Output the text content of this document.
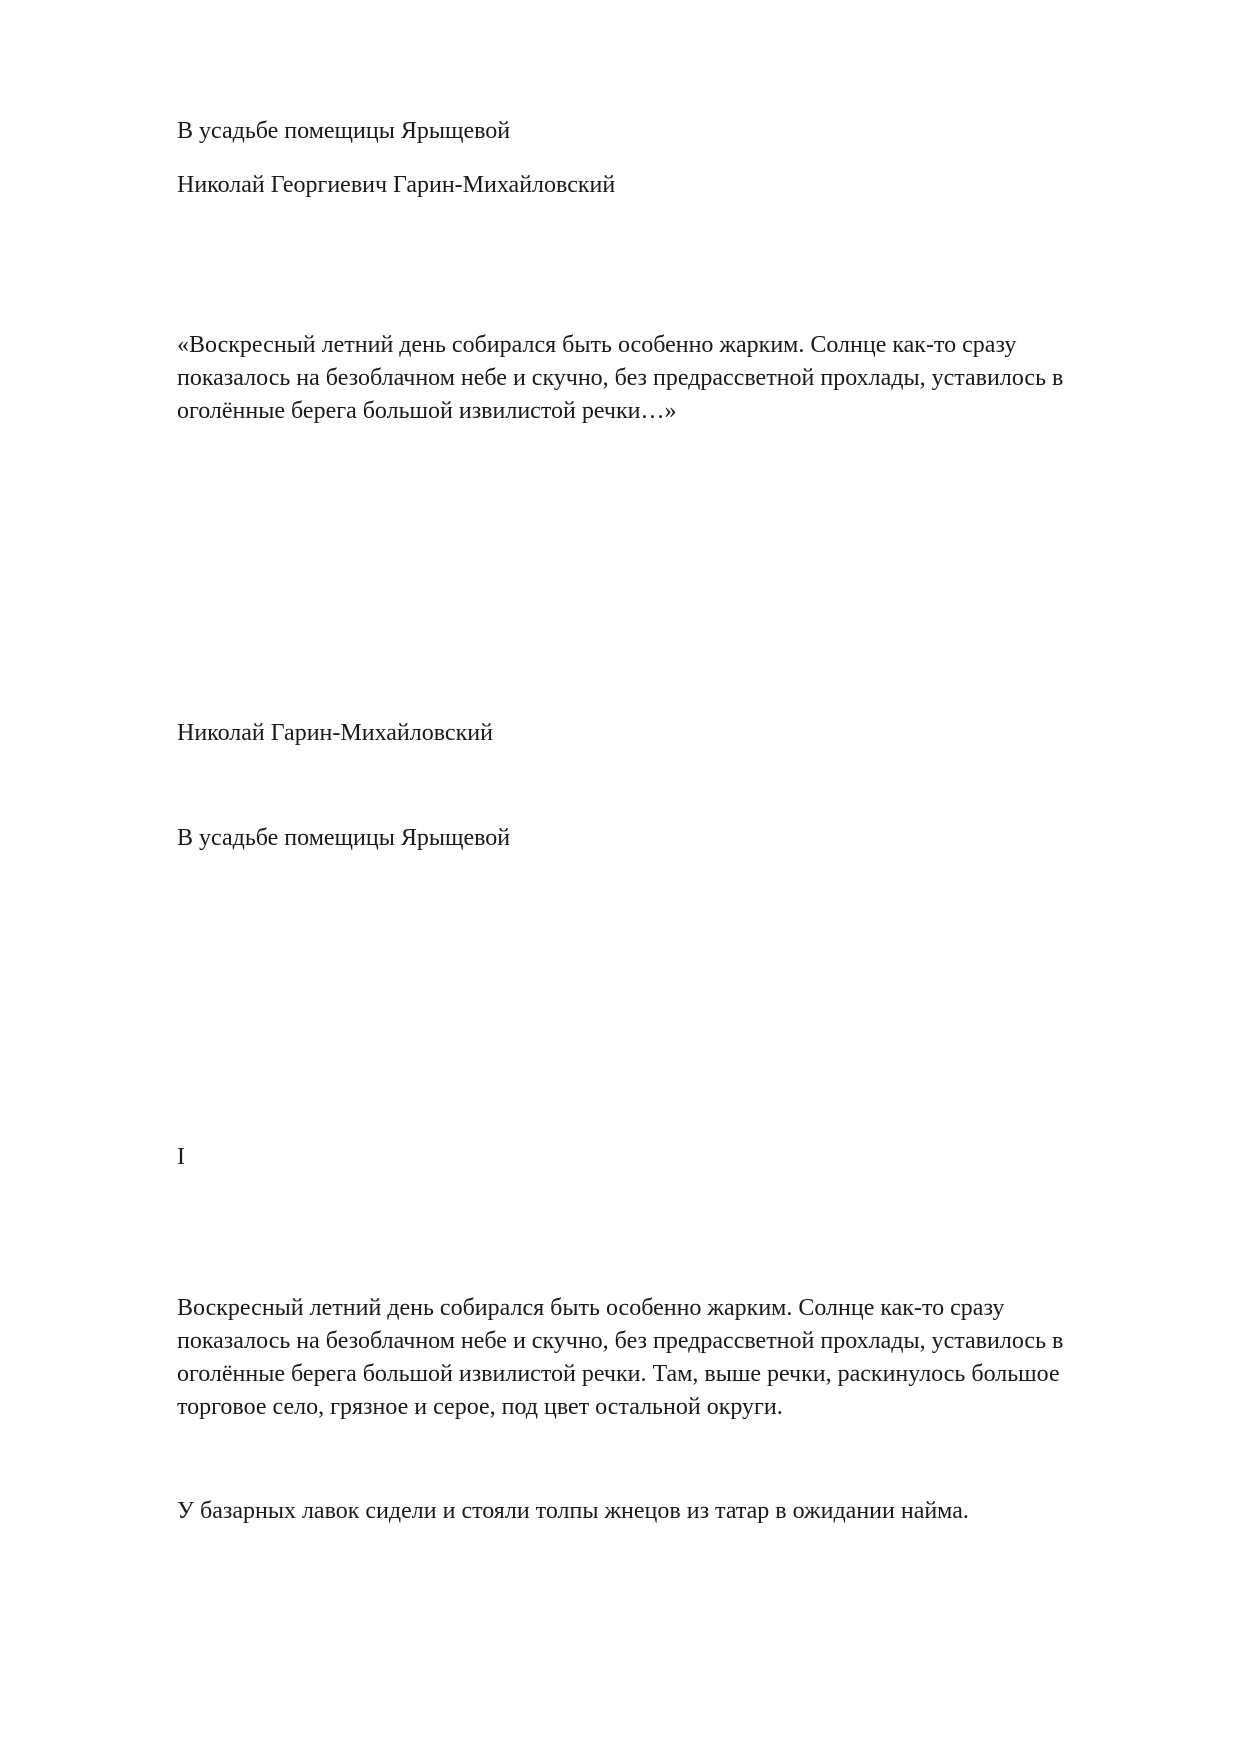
В усадьбе помещицы Ярыщевой
Николай Георгиевич Гарин-Михайловский
«Воскресный летний день собирался быть особенно жарким. Солнце как-то сразу показалось на безоблачном небе и скучно, без предрассветной прохлады, уставилось в оголённые берега большой извилистой речки…»
Николай Гарин-Михайловский
В усадьбе помещицы Ярыщевой
I
Воскресный летний день собирался быть особенно жарким. Солнце как-то сразу показалось на безоблачном небе и скучно, без предрассветной прохлады, уставилось в оголённые берега большой извилистой речки. Там, выше речки, раскинулось большое торговое село, грязное и серое, под цвет остальной округи.
У базарных лавок сидели и стояли толпы жнецов из татар в ожидании найма.
